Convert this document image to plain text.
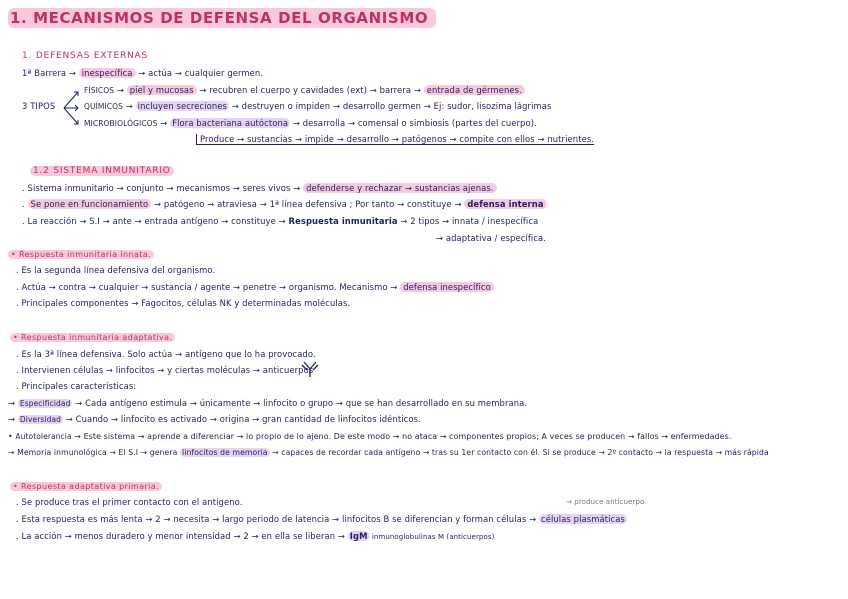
1. MECANISMOS DE DEFENSA DEL ORGANISMO
1. DEFENSAS EXTERNAS
1ª Barrera → inespecífica → actúa → cualquier germen.
3 TIPOS
FÍSICOS → piel y mucosas → recubren el cuerpo y cavidades (ext) → barrera → entrada de gérmenes.
QUÍMICOS → incluyen secreciones → destruyen o impiden → desarrollo germen → Ej: sudor, lisozima lágrimas
MICROBIOLÓGICOS → Flora bacteriana autóctona → desarrolla → comensal o simbiosis (partes del cuerpo).
Produce → sustancias → impide → desarrollo → patógenos → compite con ellos → nutrientes.
1.2 SISTEMA INMUNITARIO
. Sistema inmunitario → conjunto → mecanismos → seres vivos → defenderse y rechazar → sustancias ajenas.
. Se pone en funcionamiento → patógeno → atraviesa → 1ª línea defensiva ; Por tanto → constituye → defensa interna
. La reacción → S.I → ante → entrada antígeno → constituye → Respuesta inmunitaria → 2 tipos → innata / inespecífica
→ adaptativa / específica.
• Respuesta inmunitaria innata.
. Es la segunda línea defensiva del organismo.
. Actúa → contra → cualquier → sustancia / agente → penetre → organismo. Mecanismo → defensa inespecífico
. Principales componentes → Fagocitos, células NK y determinadas moléculas.
• Respuesta inmunitaria adaptativa.
. Es la 3ª línea defensiva. Solo actúa → antígeno que lo ha provocado.
. Intervienen células → linfocitos → y ciertas moléculas → anticuerpos
. Principales características:
→ Especificidad → Cada antígeno estimula → únicamente → linfocito o grupo → que se han desarrollado en su membrana.
→ Diversidad → Cuando → linfocito es activado → origina → gran cantidad de linfocitos idénticos.
• Autotolerancia → Este sistema → aprende a diferenciar → lo propio de lo ajeno. De este modo → no ataca → componentes propios; A veces se producen → fallos → enfermedades.
→ Memoria inmunológica → El S.I → genera linfocitos de memoria → capaces de recordar cada antígeno → tras su 1er contacto con él. Si se produce → 2º contacto → la respuesta → más rápida
• Respuesta adaptativa primaria.
. Se produce tras el primer contacto con el antígeno.	→ produce anticuerpo
. Esta respuesta es más lenta → 2 → necesita → largo periodo de latencia → linfocitos B se diferencian y forman células → células plasmáticas
. La acción → menos duradero y menor intensidad → 2 → en ella se liberan → IgM inmunoglobulinas M (anticuerpos)
